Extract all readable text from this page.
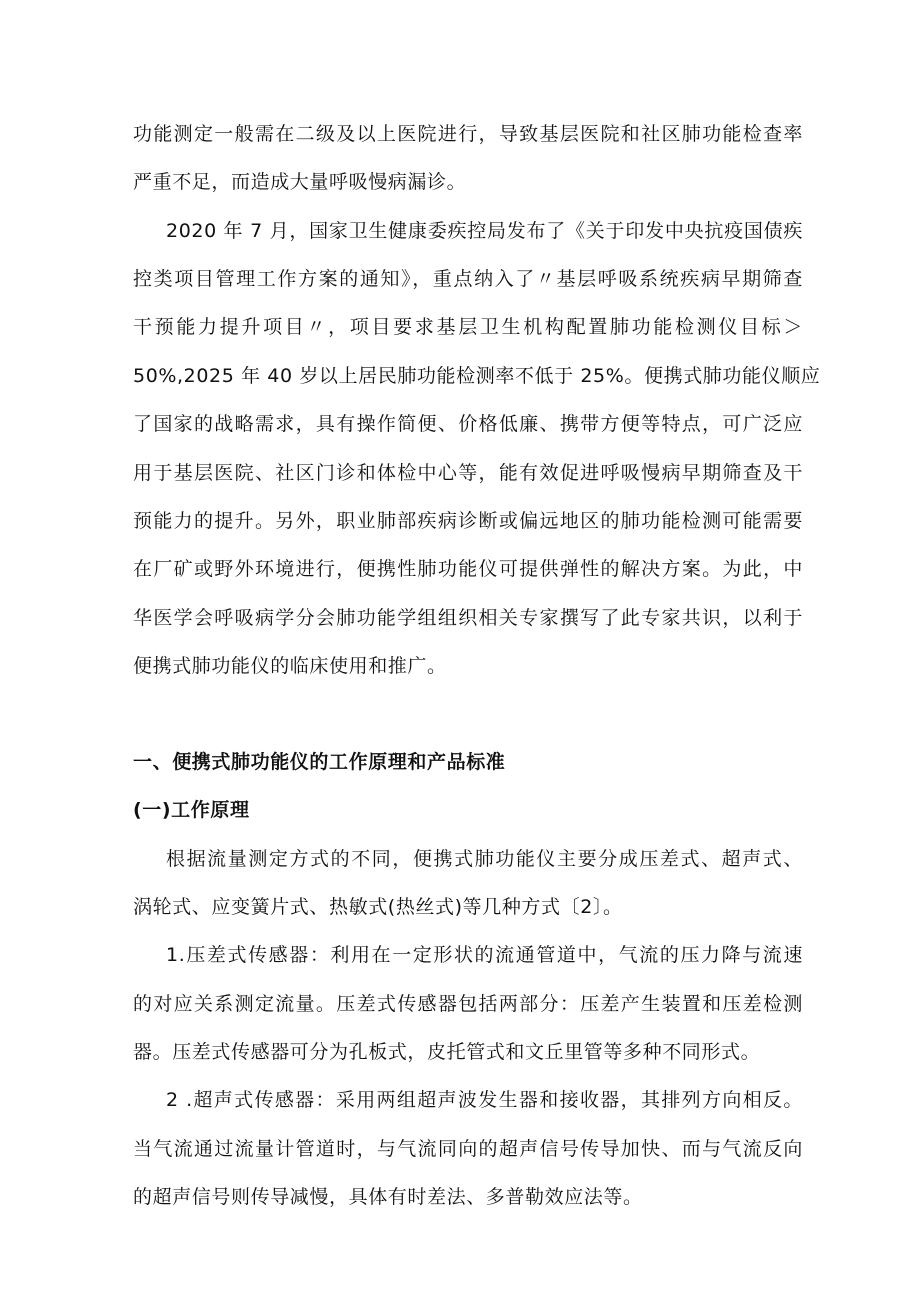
功能测定一般需在二级及以上医院进行，导致基层医院和社区肺功能检查率
严重不足，而造成大量呼吸慢病漏诊。
2020 年 7 月，国家卫生健康委疾控局发布了《关于印发中央抗疫国债疾
控类项目管理工作方案的通知》，重点纳入了〃基层呼吸系统疾病早期筛查
干预能力提升项目〃，项目要求基层卫生机构配置肺功能检测仪目标＞
50%,2025 年 40 岁以上居民肺功能检测率不低于 25%。便携式肺功能仪顺应
了国家的战略需求，具有操作简便、价格低廉、携带方便等特点，可广泛应
用于基层医院、社区门诊和体检中心等，能有效促进呼吸慢病早期筛查及干
预能力的提升。另外，职业肺部疾病诊断或偏远地区的肺功能检测可能需要
在厂矿或野外环境进行，便携性肺功能仪可提供弹性的解决方案。为此，中
华医学会呼吸病学分会肺功能学组组织相关专家撰写了此专家共识，以利于
便携式肺功能仪的临床使用和推广。
一、便携式肺功能仪的工作原理和产品标准
(一)工作原理
根据流量测定方式的不同，便携式肺功能仪主要分成压差式、超声式、
涡轮式、应变簧片式、热敏式(热丝式)等几种方式〔2〕。
1.压差式传感器：利用在一定形状的流通管道中，气流的压力降与流速
的对应关系测定流量。压差式传感器包括两部分：压差产生装置和压差检测
器。压差式传感器可分为孔板式，皮托管式和文丘里管等多种不同形式。
2 .超声式传感器：采用两组超声波发生器和接收器，其排列方向相反。
当气流通过流量计管道时，与气流同向的超声信号传导加快、而与气流反向
的超声信号则传导减慢，具体有时差法、多普勒效应法等。
